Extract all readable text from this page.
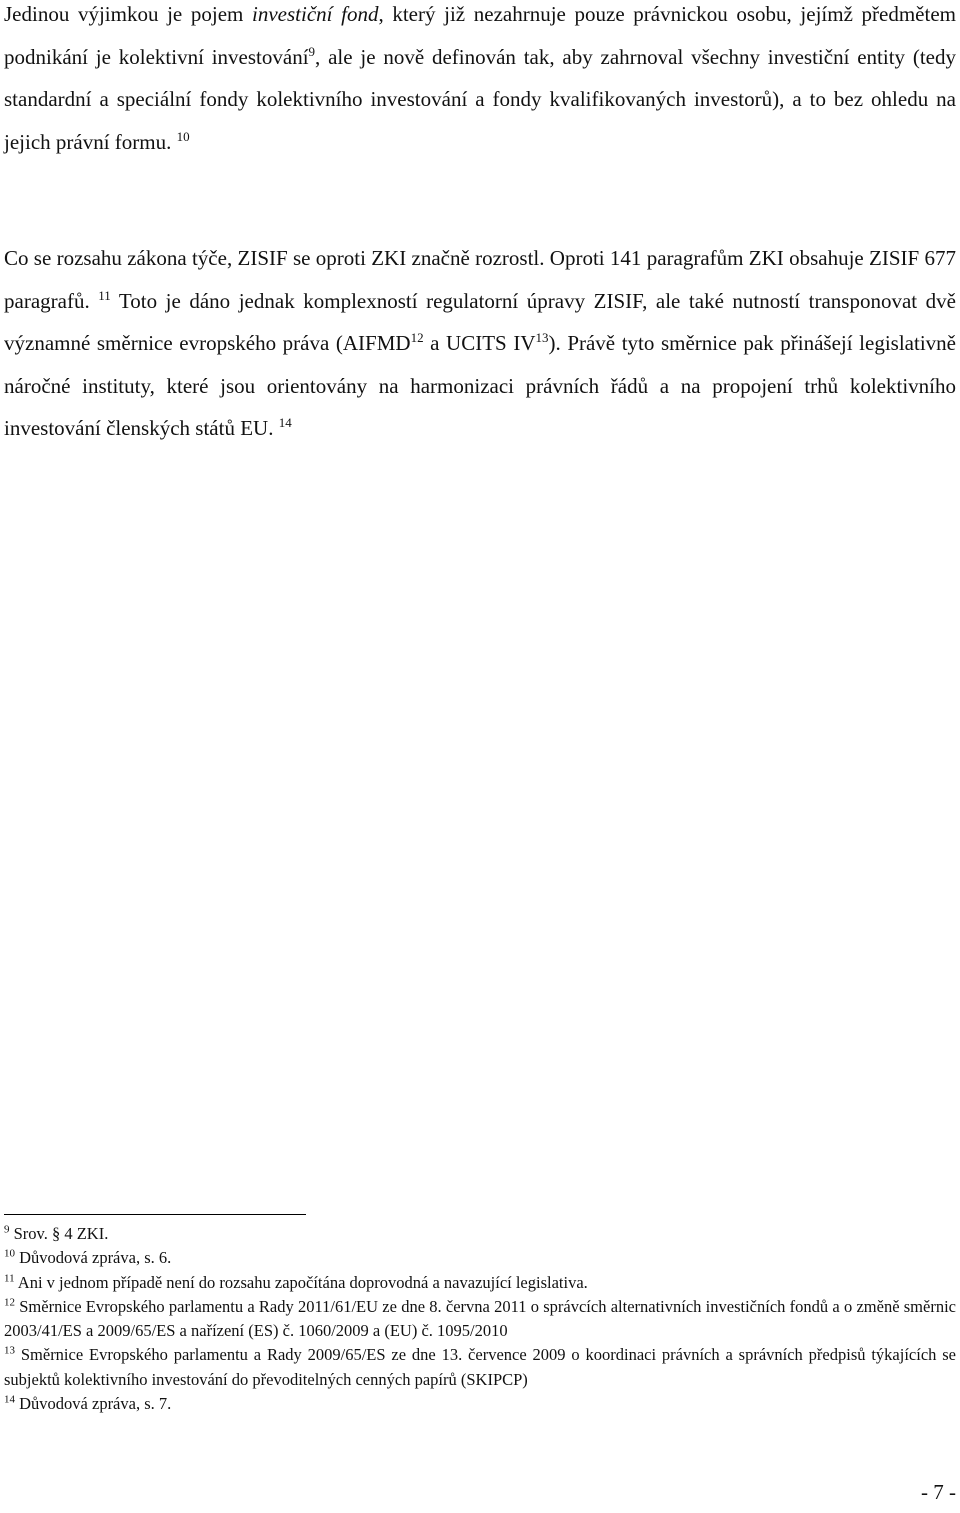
Jedinou výjimkou je pojem investiční fond, který již nezahrnuje pouze právnickou osobu, jejímž předmětem podnikání je kolektivní investování$^9$, ale je nově definován tak, aby zahrnoval všechny investiční entity (tedy standardní a speciální fondy kolektivního investování a fondy kvalifikovaných investorů), a to bez ohledu na jejich právní formu. $^{10}$

Co se rozsahu zákona týče, ZISIF se oproti ZKI značně rozrostl. Oproti 141 paragrafům ZKI obsahuje ZISIF 677 paragrafů. $^{11}$ Toto je dáno jednak komplexností regulatorní úpravy ZISIF, ale také nutností transponovat dvě významné směrnice evropského práva (AIFMD$^{12}$ a UCITS IV$^{13}$). Právě tyto směrnice pak přinášejí legislativně náročné instituty, které jsou orientovány na harmonizaci právních řádů a na propojení trhů kolektivního investování členských států EU. $^{14}$

$^9$ Srov. § 4 ZKI.

$^{10}$ Důvodová zpráva, s. 6.

$^{11}$ Ani v jednom případě není do rozsahu započítána doprovodná a navazující legislativa.

$^{12}$ Směrnice Evropského parlamentu a Rady 2011/61/EU ze dne 8. června 2011 o správcích alternativních investičních fondů a o změně směrnic 2003/41/ES a 2009/65/ES a nařízení (ES) č. 1060/2009 a (EU) č. 1095/2010

$^{13}$ Směrnice Evropského parlamentu a Rady 2009/65/ES ze dne 13. července 2009 o koordinaci právních a správních předpisů týkajících se subjektů kolektivního investování do převoditelných cenných papírů (SKIPCP)

$^{14}$ Důvodová zpráva, s. 7.

- 7 -
